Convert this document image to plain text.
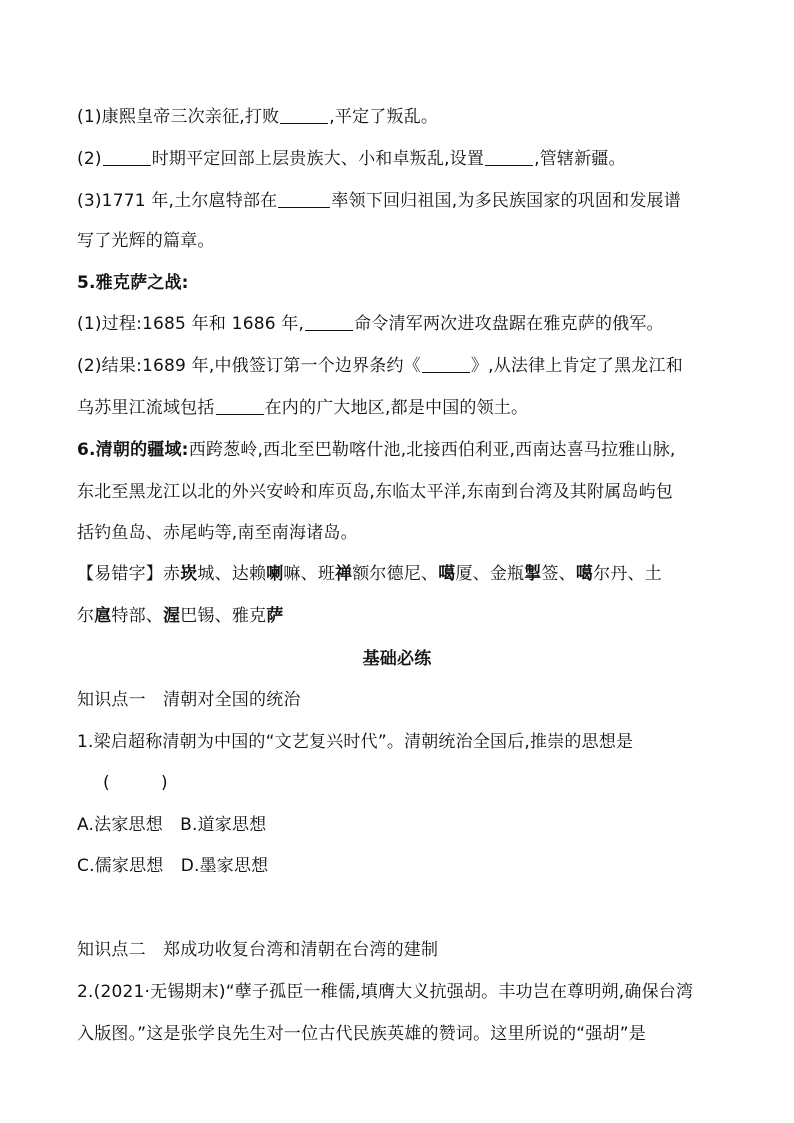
(1)康熙皇帝三次亲征,打败	,平定了叛乱。
(2)	时期平定回部上层贵族大、小和卓叛乱,设置	,管辖新疆。
(3)1771 年,土尔扈特部在	率领下回归祖国,为多民族国家的巩固和发展谱
写了光辉的篇章。
5.雅克萨之战:
(1)过程:1685 年和 1686 年,	命令清军两次进攻盘踞在雅克萨的俄军。
(2)结果:1689 年,中俄签订第一个边界条约《	》,从法律上肯定了黑龙江和
乌苏里江流域包括	在内的广大地区,都是中国的领土。
6.清朝的疆域:西跨葱岭,西北至巴勒喀什池,北接西伯利亚,西南达喜马拉雅山脉,
东北至黑龙江以北的外兴安岭和库页岛,东临太平洋,东南到台湾及其附属岛屿包
括钓鱼岛、赤尾屿等,南至南海诸岛。
【易错字】赤崁城、达赖喇嘛、班禅额尔德尼、噶厦、金瓶掣签、噶尔丹、土
尔扈特部、渥巴锡、雅克萨
基础必练
知识点一　清朝对全国的统治
1.梁启超称清朝为中国的“文艺复兴时代”。清朝统治全国后,推崇的思想是
(	)
A.法家思想　 B.道家思想
C.儒家思想　 D.墨家思想
知识点二　郑成功收复台湾和清朝在台湾的建制
2.(2021·无锡期末)“孽子孤臣一稚儒,填膺大义抗强胡。丰功岂在尊明朔,确保台湾
入版图。”这是张学良先生对一位古代民族英雄的赞词。这里所说的“强胡”是
